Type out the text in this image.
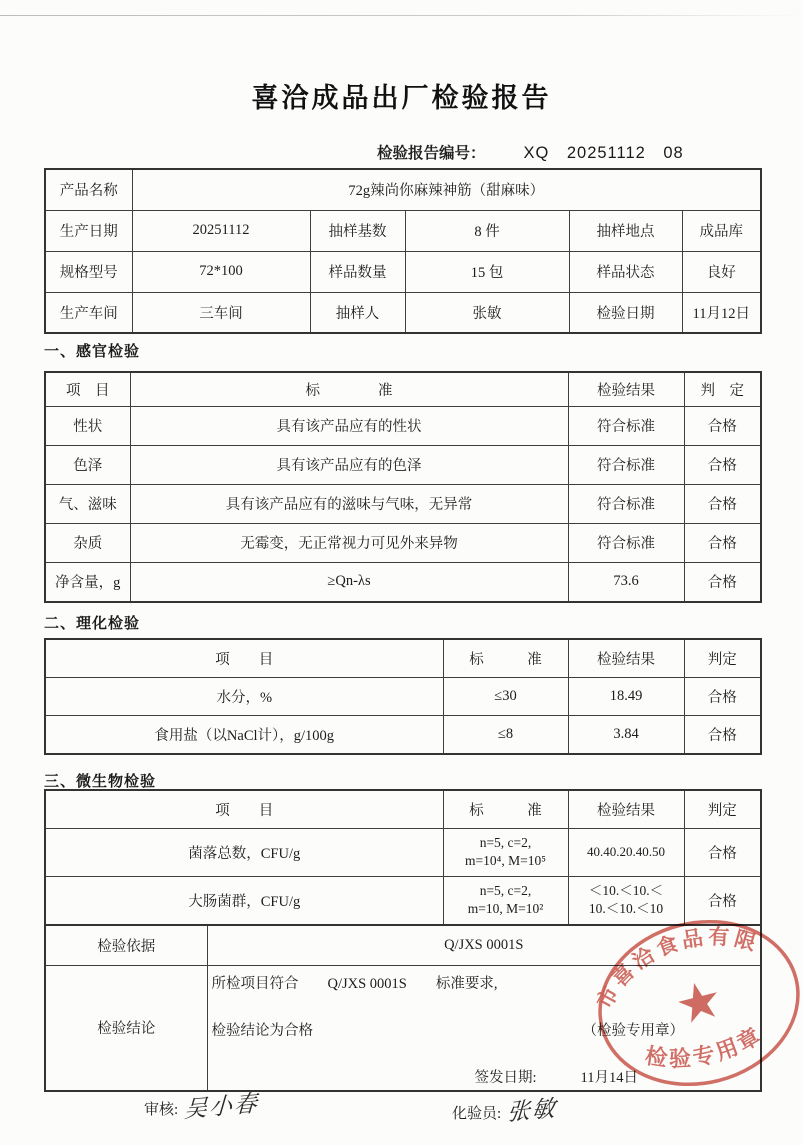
喜洽成品出厂检验报告
检验报告编号： XQ　20251112　08
产品名称	72g辣尚你麻辣神筋（甜麻味）				
生产日期	20251112	抽样基数	8 件	抽样地点	成品库
规格型号	72*100	样品数量	15 包	样品状态	良好
生产车间	三车间	抽样人	张敏	检验日期	11月12日
一、感官检验
项　目	标　　　　准	检验结果	判　定
性状	具有该产品应有的性状	符合标准	合格
色泽	具有该产品应有的色泽	符合标准	合格
气、滋味	具有该产品应有的滋味与气味，无异常	符合标准	合格
杂质	无霉变，无正常视力可见外来异物	符合标准	合格
净含量，g	≥Qn-λs	73.6	合格
二、理化检验
项　　目	标　　　准	检验结果	判定
水分，%	≤30	18.49	合格
食用盐（以NaCl计），g/100g	≤8	3.84	合格
三、微生物检验
项　　目	标　　　准	检验结果	判定
菌落总数，CFU/g	n=5, c=2,
m=10⁴, M=10⁵	40.40.20.40.50	合格
大肠菌群，CFU/g	n=5, c=2,
m=10, M=10²	＜10.＜10.＜
10.＜10.＜10	合格
检验依据	Q/JXS 0001S
检验结论	所检项目符合　　Q/JXS 0001S　　标准要求,
检验结论为合格 （检验专用章）
签发日期: 11月14日
审核: 吴小春	化验员: 张敏
市喜洽食品有限
★
检验专用章
